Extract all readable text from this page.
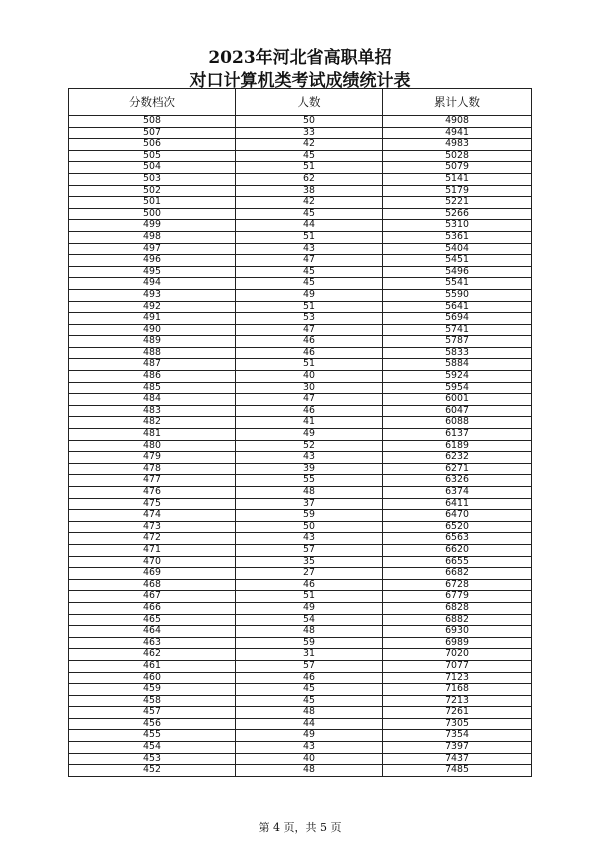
2023年河北省高职单招
对口计算机类考试成绩统计表
分数档次	人数	累计人数
508	50	4908
507	33	4941
506	42	4983
505	45	5028
504	51	5079
503	62	5141
502	38	5179
501	42	5221
500	45	5266
499	44	5310
498	51	5361
497	43	5404
496	47	5451
495	45	5496
494	45	5541
493	49	5590
492	51	5641
491	53	5694
490	47	5741
489	46	5787
488	46	5833
487	51	5884
486	40	5924
485	30	5954
484	47	6001
483	46	6047
482	41	6088
481	49	6137
480	52	6189
479	43	6232
478	39	6271
477	55	6326
476	48	6374
475	37	6411
474	59	6470
473	50	6520
472	43	6563
471	57	6620
470	35	6655
469	27	6682
468	46	6728
467	51	6779
466	49	6828
465	54	6882
464	48	6930
463	59	6989
462	31	7020
461	57	7077
460	46	7123
459	45	7168
458	45	7213
457	48	7261
456	44	7305
455	49	7354
454	43	7397
453	40	7437
452	48	7485
第 4 页，共 5 页
